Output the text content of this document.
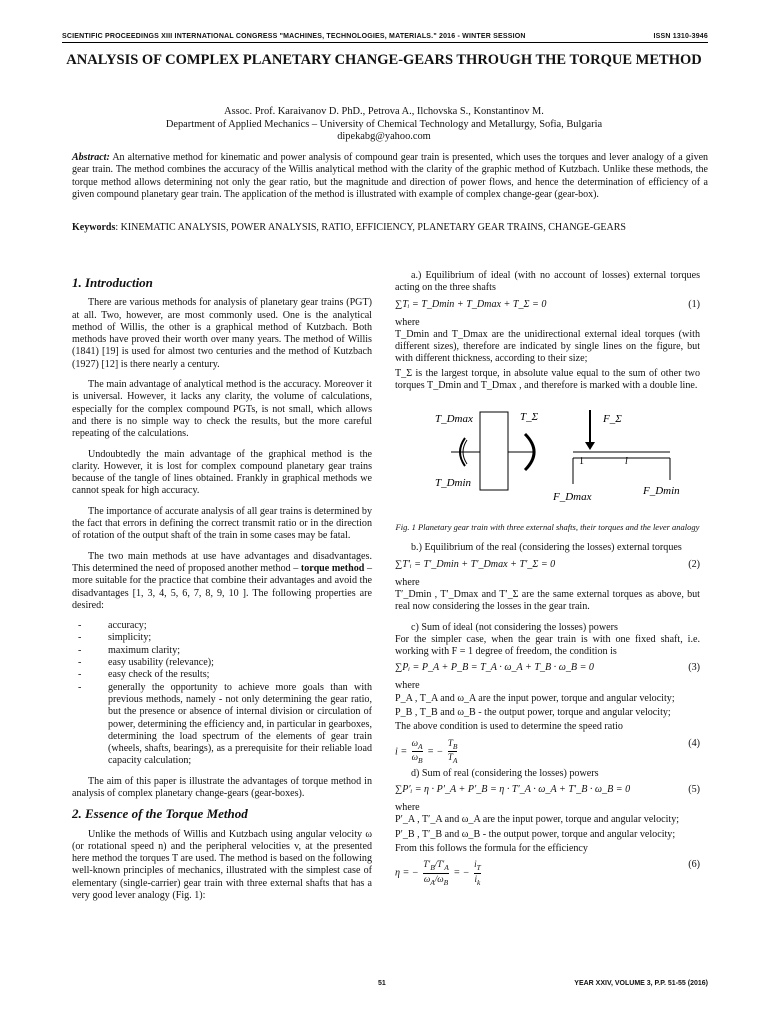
SCIENTIFIC PROCEEDINGS XIII INTERNATIONAL CONGRESS "MACHINES, TECHNOLOGIES, MATERIALS." 2016 - WINTER SESSION	ISSN 1310-3946
ANALYSIS OF COMPLEX PLANETARY CHANGE-GEARS THROUGH THE TORQUE METHOD
Assoc. Prof. Karaivanov D. PhD., Petrova A., Ilchovska S., Konstantinov M.
Department of Applied Mechanics – University of Chemical Technology and Metallurgy, Sofia, Bulgaria
dipekabg@yahoo.com
Abstract: An alternative method for kinematic and power analysis of compound gear train is presented, which uses the torques and lever analogy of a given gear train. The method combines the accuracy of the Willis analytical method with the clarity of the graphic method of Kutzbach. Unlike these methods, the torque method allows determining not only the gear ratio, but the magnitude and direction of power flows, and hence the determination of efficiency of a given compound planetary gear train. The application of the method is illustrated with example of complex change-gear (gear-box).
Keywords: KINEMATIC ANALYSIS, POWER ANALYSIS, RATIO, EFFICIENCY, PLANETARY GEAR TRAINS, CHANGE-GEARS
1. Introduction

There are various methods for analysis of planetary gear trains (PGT) at all. Two, however, are most commonly used. One is the analytical method of Willis, the other is a graphical method of Kutzbach. Both methods have proved their worth over many years. The method of Willis (1841) [19] is used for almost two centuries and the method of Kutzbach (1927) [12] is there nearly a century.

The main advantage of analytical method is the accuracy. Moreover it is universal. However, it lacks any clarity, the volume of calculations, especially for the complex compound PGTs, is not small, which allows and there is no simple way to check the results, but the more careful repeating of the calculations.

Undoubtedly the main advantage of the graphical method is the clarity. However, it is lost for complex compound planetary gear trains because of the tangle of lines obtained. Frankly in graphical methods we cannot speak for high accuracy.

The importance of accurate analysis of all gear trains is determined by the fact that errors in defining the correct transmit ratio or in the direction of rotation of the output shaft of the train in some cases may be fatal.

The two main methods at use have advantages and disadvantages. This determined the need of proposed another method – torque method – more suitable for the practice that combine their advantages and avoid the disadvantages [1, 3, 4, 5, 6, 7, 8, 9, 10 ]. The following properties are desired:

- accuracy;
- simplicity;
- maximum clarity;
- easy usability (relevance);
- easy check of the results;
- generally the opportunity to achieve more goals than with previous methods, namely - not only determining the gear ratio, but the presence or absence of internal division or circulation of power, determining the efficiency and, in particular in gearboxes, determining the load spectrum of the elements of gear train (wheels, shafts, bearings), as a prerequisite for their reliable load capacity calculation;

The aim of this paper is illustrate the advantages of torque method in analysis of complex planetary change-gears (gear-boxes).

2. Essence of the Torque Method

Unlike the methods of Willis and Kutzbach using angular velocity ω (or rotational speed n) and the peripheral velocities v, at the presented here method the torques T are used. The method is based on the following well-known principles of mechanics, illustrated with the simplest case of elementary (single-carrier) gear train with three external shafts that has a very good lever analogy (Fig. 1):

a.) Equilibrium of ideal (with no account of losses) external torques acting on the three shafts

∑Tᵢ = T_Dmin + T_Dmax + T_Σ = 0	(1)
where

T_Dmin and T_Dmax are the unidirectional external ideal torques (with different sizes), therefore are indicated by single lines on the figure, but with different thickness, according to their size;

T_Σ is the largest torque, in absolute value equal to the sum of other two torques T_Dmin and T_Dmax , and therefore is marked with a double line.

T_Dmax	T_Σ
T_Dmin
F_Σ
1	l
F_Dmax	F_Dmin
Fig. 1 Planetary gear train with three external shafts, their torques and the lever analogy

b.) Equilibrium of the real (considering the losses) external torques

∑T′ᵢ = T′_Dmin + T′_Dmax + T′_Σ = 0	(2)
where

T′_Dmin , T′_Dmax and T′_Σ are the same external torques as above, but real now considering the losses in the gear train.

c) Sum of ideal (not considering the losses) powers

For the simpler case, when the gear train is with one fixed shaft, i.e. working with F = 1 degree of freedom, the condition is

∑Pᵢ = P_A + P_B = T_A · ω_A + T_B · ω_B = 0	(3)
where

P_A , T_A and ω_A are the input power, torque and angular velocity;

P_B , T_B and ω_B - the output power, torque and angular velocity;

The above condition is used to determine the speed ratio

$i = \frac{\omega_A}{\omega_B}$ = − $\frac{T_B}{T_A}$	(4)

d) Sum of real (considering the losses) powers

∑P′ᵢ = η · P′_A + P′_B = η · T′_A · ω_A + T′_B · ω_B = 0	(5)
where

P′_A , T′_A and ω_A are the input power, torque and angular velocity;

P′_B , T′_B and ω_B - the output power, torque and angular velocity;

From this follows the formula for the efficiency

η = − $\frac{T'_B/T'_A}{\omega_A/\omega_B}$ = − $\frac{i_T}{i_k}$	(6)
51	YEAR XXIV, VOLUME 3, P.P. 51-55 (2016)
